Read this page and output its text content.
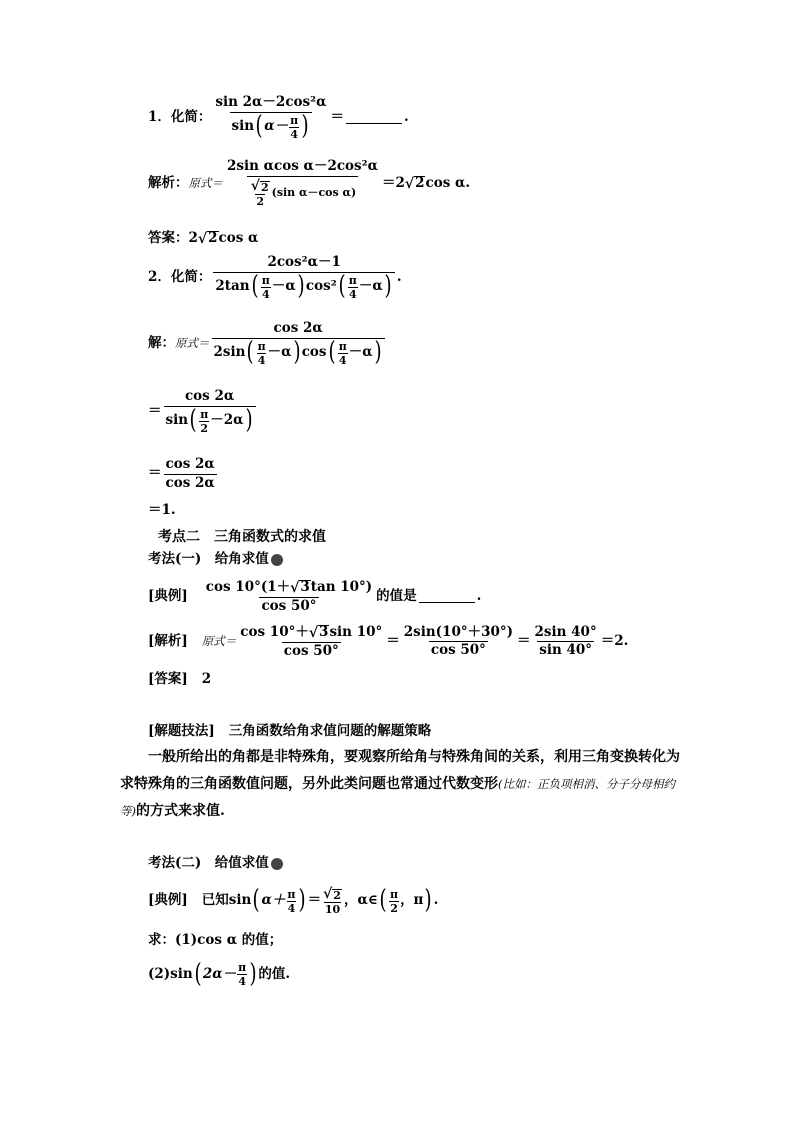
1．化简： $\frac{\text{sin 2α－2cos²α}}{\sin ( \alpha- \frac{\pi}{4} )}$ ＝	.
解析： 原式＝ $\frac{\text{2sin αcos α－2cos²α}}{\frac{√ 2}{2} (\sin \alpha-\cos \alpha)} =2$ √ 2 cos α.
答案： 2 √ 2 cos α
2．化简：
2cos²α－1
2tan ( $\frac{\pi}{4} -\alpha$ ) cos² ( $\frac{\pi}{4} -\alpha$ ) .
解： 原式＝
cos 2α
2sin ( $\frac{\pi}{4} -\alpha$ ) cos ( $\frac{\pi}{4} -\alpha$ )
＝ $\frac{\cos 2\alpha}{\sin ( \frac{\pi}{2} -2\alpha )}$
＝ $\frac{\cos 2\alpha}{\cos 2\alpha}$
＝1.
考点二　三角函数式的求值
考法(一)　给角求值
[典例] $\frac{\cos 10^\circ(1+ √ 3 \tan 10^\circ)}{\cos 50^\circ}$ 的值是	.
[解析] 原式＝ $\frac{\cos 10^\circ+ √ 3 \sin 10^\circ}{\cos 50^\circ} = \frac{2\sin(10^\circ+30^\circ)}{\cos 50^\circ} = \frac{2\sin 40^\circ}{\sin 40^\circ} =2$.
[答案] 2
[解题技法] 三角函数给角求值问题的解题策略
一般所给出的角都是非特殊角，要观察所给角与特殊角间的关系，利用三角变换转化为求特殊角的三角函数值问题，另外此类问题也常通过代数变形(比如：正负项相消、分子分母相约等)的方式来求值.
考法(二)　给值求值
[典例] 已知sin ( $\alpha+ \frac{\pi}{4}$ ) ＝ $\frac{√ 2}{10}$ ，α∈ ( $\frac{\pi}{2}$ ，π ) .
求：(1)cos α 的值；
(2)sin ( $2\alpha- \frac{\pi}{4}$ ) 的值.
